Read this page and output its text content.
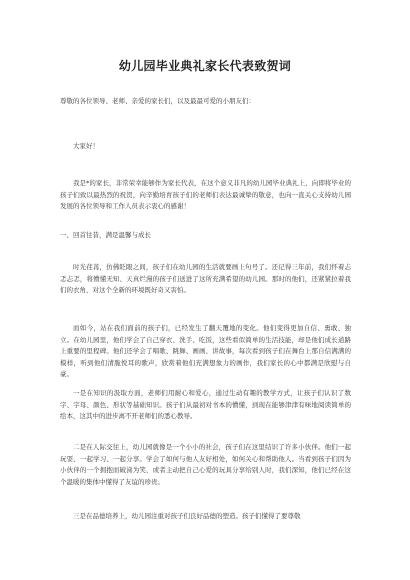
幼儿园毕业典礼家长代表致贺词
尊敬的各位领导、老师、亲爱的家长们，以及最最可爱的小朋友们：
大家好！
我是*的家长，非常荣幸能够作为家长代表，在这个意义非凡的幼儿园毕业典礼上，向即将毕业的孩子们致以最热烈的祝贺，向辛勤培育孩子们的老师们表达最诚挚的敬意，也向一直关心支持幼儿园发展的各位领导和工作人员表示衷心的感谢！
一、回首往昔，满是温馨与成长
时光荏苒，仿佛眨眼之间，孩子们在幼儿园的生活就要画上句号了。还记得三年前，我们怀着忐忑忐忑，将懵懂无知、天真烂漫的孩子们送进了这所充满希望的幼儿园。那时的他们，还紧紧拉着我们的衣角，对这个全新的环境既好奇又害怕。
而如今，站在我们面前的孩子们，已经发生了翻天覆地的变化。他们变得更加自信、勇敢、独立。在幼儿园里，他们学会了自己穿衣、洗手、吃饭，这些看似简单的生活技能，却是他们成长道路上重要的里程碑。他们还学会了唱歌、跳舞、画画、讲故事，每次看到孩子们在舞台上那自信满满的模样，听到他们清脆悦耳的歌声，欣赏着他们充满想象力的画作，我们家长的心中都满是欣慰与自豪。
一是在知识的汲取方面，老师们用耐心和爱心，通过生动有趣的教学方式，让孩子们认识了数字、字母、颜色、形状等基础知识。孩子们从最初对书本的懵懂，到现在能够津津有味地阅读简单的绘本，这其中的进步离不开老师们的悉心教导。
二是在人际交往上，幼儿园就像是一个小小的社会，孩子们在这里结识了许多小伙伴。他们一起玩耍、一起学习、一起分享。学会了如何与他人友好相处，如何关心和帮助他人。当看到孩子们因为小伙伴的一个拥抱而破涕为笑，或者主动把自己心爱的玩具分享给别人时，我们深知，他们已经在这个温暖的集体中懂得了友谊的珍贵。
三是在品德培养上，幼儿园注重对孩子们良好品德的塑造。孩子们懂得了要尊敬
